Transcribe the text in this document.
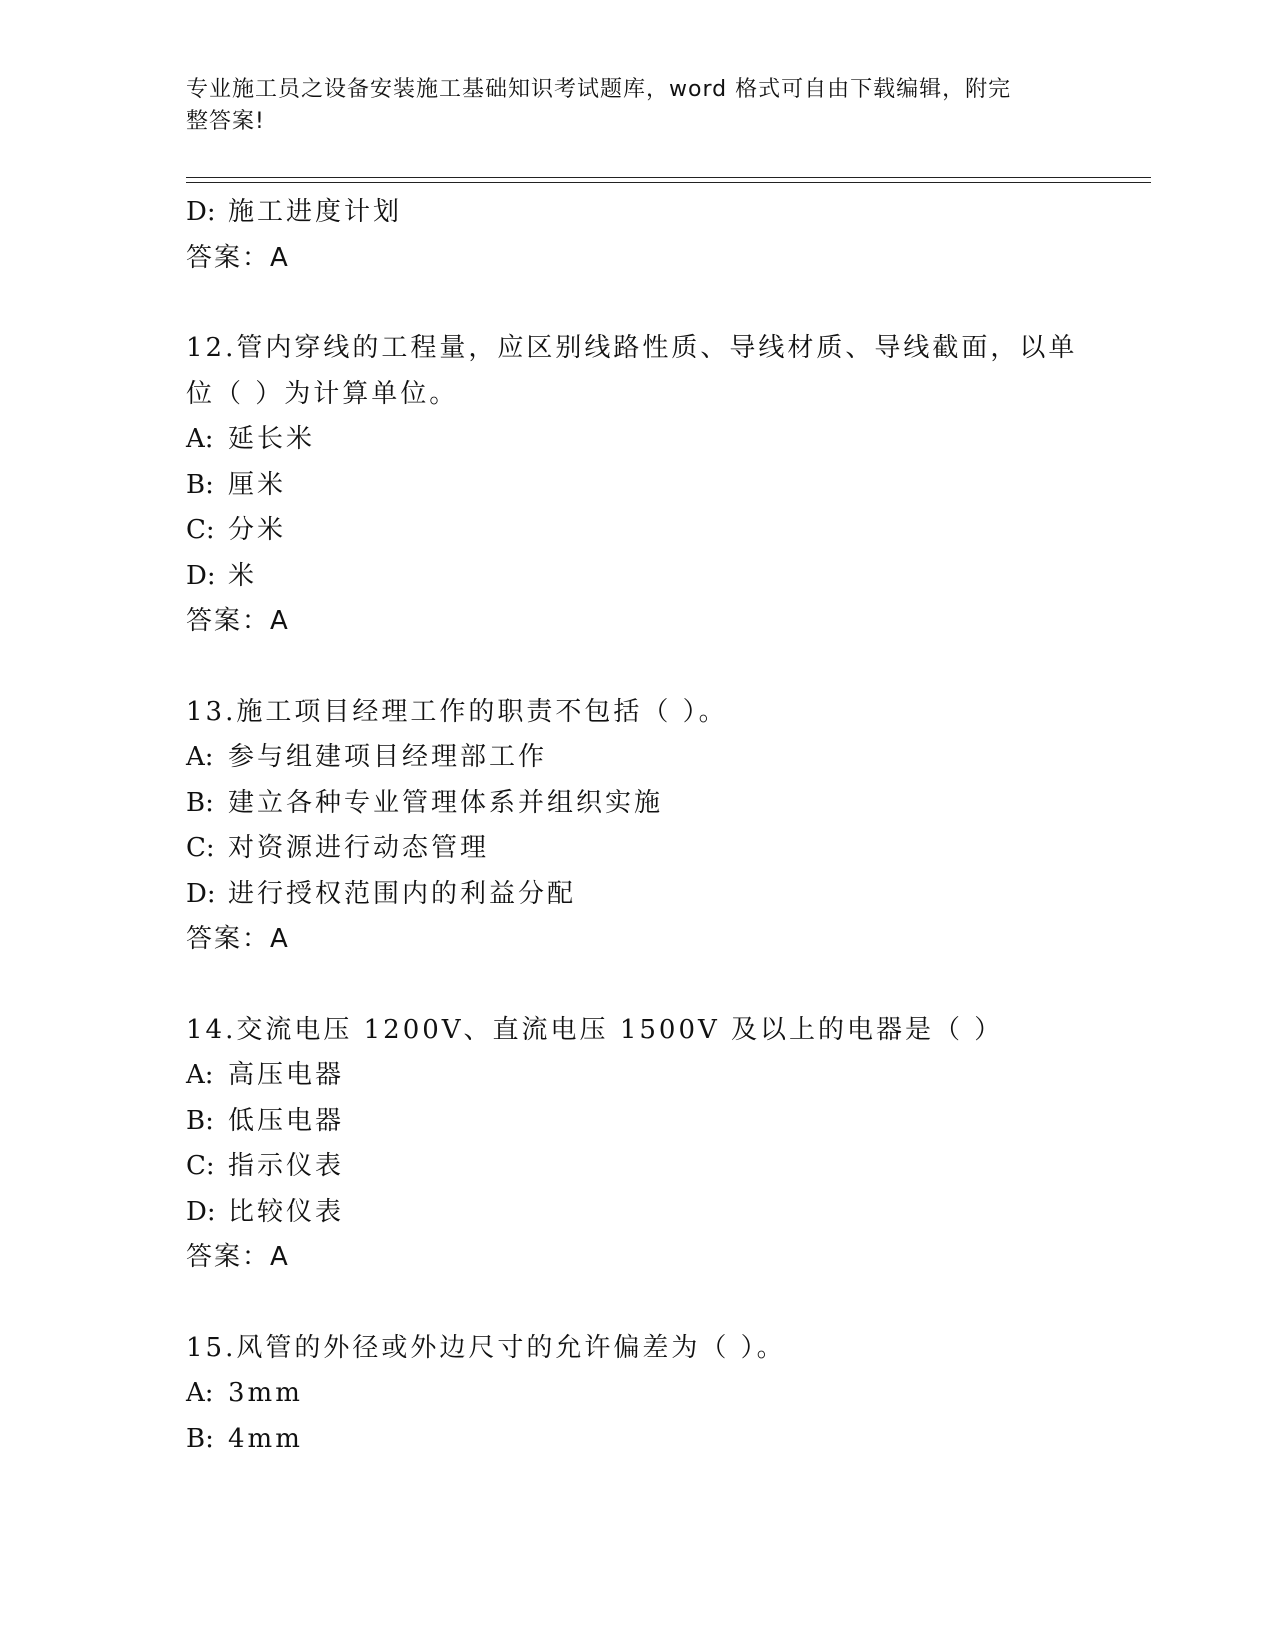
专业施工员之设备安装施工基础知识考试题库，word 格式可自由下载编辑，附完
整答案!
D: 施工进度计划
答案：A
12.管内穿线的工程量，应区别线路性质、导线材质、导线截面，以单
位（ ）为计算单位。
A: 延长米
B: 厘米
C: 分米
D: 米
答案：A
13.施工项目经理工作的职责不包括（ ）。
A: 参与组建项目经理部工作
B: 建立各种专业管理体系并组织实施
C: 对资源进行动态管理
D: 进行授权范围内的利益分配
答案：A
14.交流电压 1200V、直流电压 1500V 及以上的电器是（ ）
A: 高压电器
B: 低压电器
C: 指示仪表
D: 比较仪表
答案：A
15.风管的外径或外边尺寸的允许偏差为（ ）。
A: 3mm
B: 4mm
